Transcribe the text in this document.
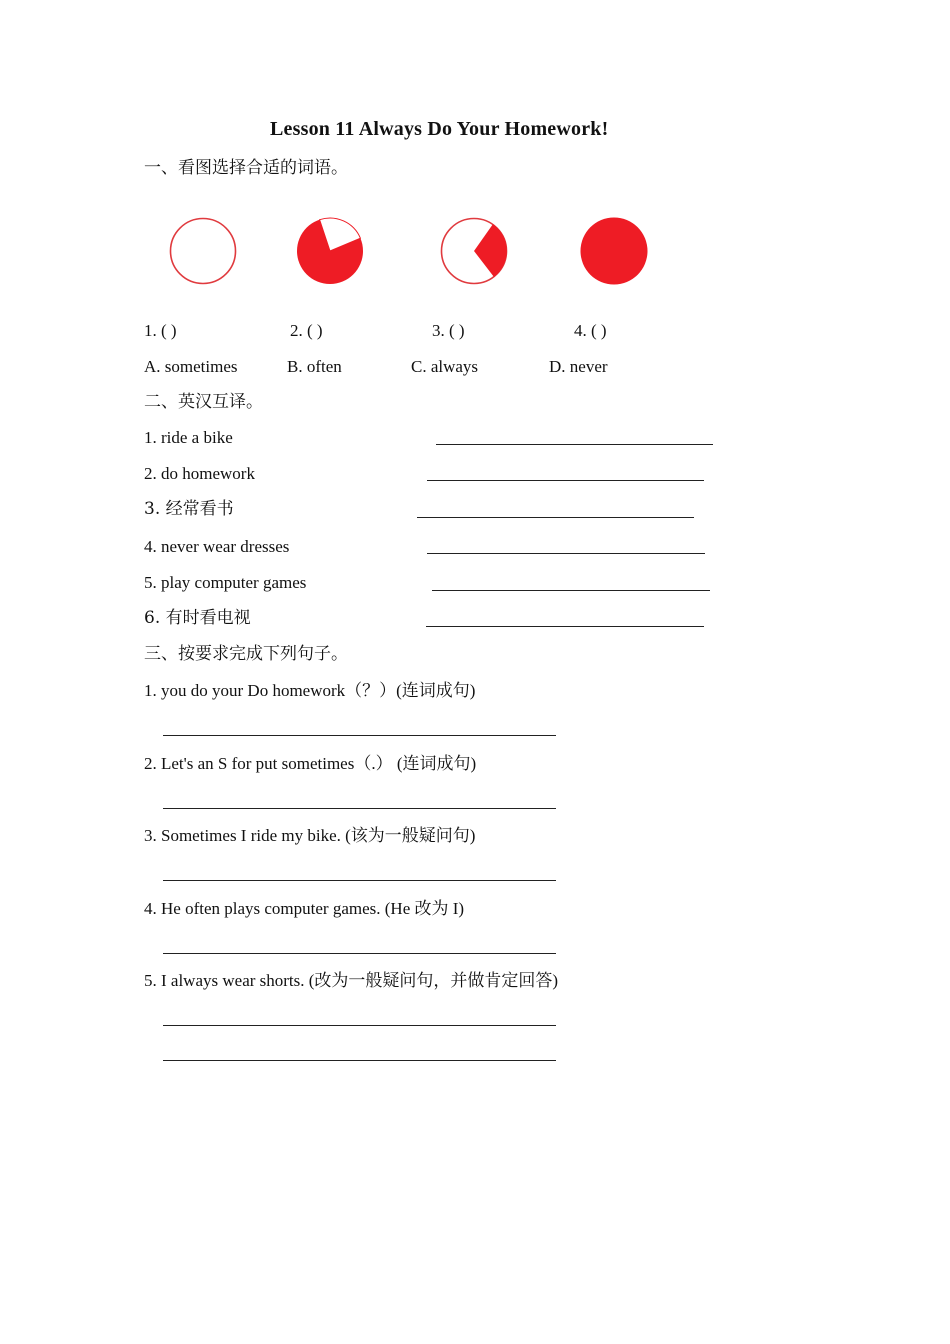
Lesson 11 Always Do Your Homework!
一、看图选择合适的词语。
1. ( )	2. ( )	3. ( )	4. ( )
A. sometimes	B. often	C. always	D. never
二、英汉互译。
1. ride a bike
2. do homework
3. 经常看书
4. never wear dresses
5. play computer games
6. 有时看电视
三、按要求完成下列句子。
1. you do your Do homework（？）(连词成句)
2. Let's an S for put sometimes（.） (连词成句)
3. Sometimes I ride my bike. (该为一般疑问句)
4. He often plays computer games. (He 改为 I)
5. I always wear shorts. (改为一般疑问句，并做肯定回答)
